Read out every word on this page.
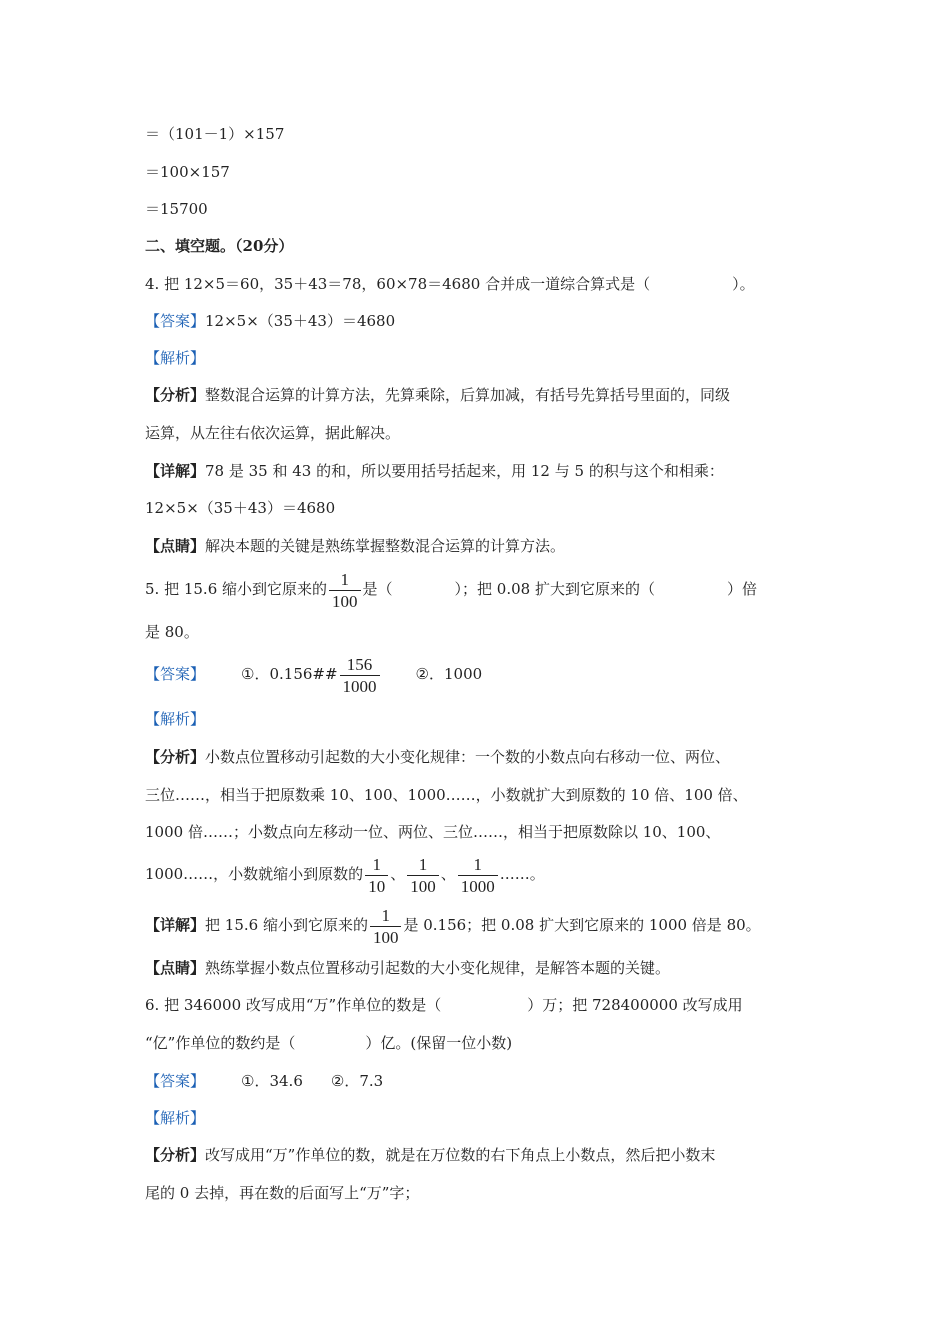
＝（101－1）×157
＝100×157
＝15700
二、填空题。（20分）
4. 把 12×5＝60，35＋43＝78，60×78＝4680 合并成一道综合算式是（	）。
【答案】12×5×（35＋43）＝4680
【解析】
【分析】整数混合运算的计算方法，先算乘除，后算加减，有括号先算括号里面的，同级
运算，从左往右依次运算，据此解决。
【详解】78 是 35 和 43 的和，所以要用括号括起来，用 12 与 5 的积与这个和相乘：
12×5×（35＋43）＝4680
【点睛】解决本题的关键是熟练掌握整数混合运算的计算方法。
5. 把 15.6 缩小到它原来的 $\frac{1}{100}$ 是（	）；把 0.08 扩大到它原来的（	）倍
是 80。
【答案】 ①．0.156## $\frac{156}{1000}$ ②．1000
【解析】
【分析】小数点位置移动引起数的大小变化规律：一个数的小数点向右移动一位、两位、
三位……，相当于把原数乘 10、100、1000……，小数就扩大到原数的 10 倍、100 倍、
1000 倍……；小数点向左移动一位、两位、三位……，相当于把原数除以 10、100、
1000……，小数就缩小到原数的 $\frac{1}{10}$ 、 $\frac{1}{100}$ 、 $\frac{1}{1000}$ ……。
【详解】把 15.6 缩小到它原来的 $\frac{1}{100}$ 是 0.156；把 0.08 扩大到它原来的 1000 倍是 80。
【点睛】熟练掌握小数点位置移动引起数的大小变化规律，是解答本题的关键。
6. 把 346000 改写成用“万”作单位的数是（	）万；把 728400000 改写成用
“亿”作单位的数约是（	）亿。(保留一位小数)
【答案】 ①．34.6 ②．7.3
【解析】
【分析】改写成用“万”作单位的数，就是在万位数的右下角点上小数点，然后把小数末
尾的 0 去掉，再在数的后面写上“万”字；
